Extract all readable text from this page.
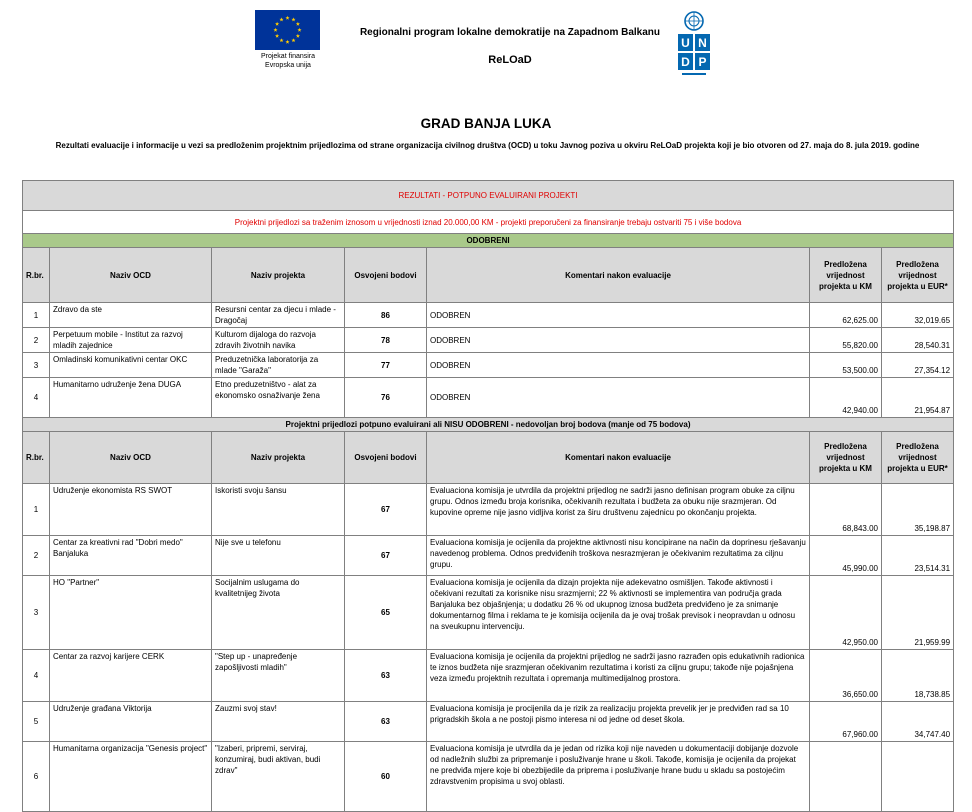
Projekat finansira
Evropska unija
Regionalni program lokalne demokratije na Zapadnom Balkanu
ReLOaD
U N
D P
GRAD BANJA LUKA
Rezultati evaluacije i informacije u vezi sa predloženim projektnim prijedlozima od strane organizacija civilnog društva (OCD) u toku Javnog poziva u okviru ReLOaD projekta koji je bio otvoren od 27. maja do 8. jula 2019. godine
REZULTATI - POTPUNO EVALUIRANI PROJEKTI						
Projektni prijedlozi sa traženim iznosom u vrijednosti iznad 20.000,00 KM - projekti preporučeni za finansiranje trebaju ostvariti 75 i više bodova						
ODOBRENI						
R.br.	Naziv OCD	Naziv projekta	Osvojeni bodovi	Komentari nakon evaluacije	Predložena vrijednost projekta u KM	Predložena vrijednost projekta u EUR*
1	Zdravo da ste	Resursni centar za djecu i mlade - Dragočaj	86	ODOBREN	62,625.00	32,019.65
2	Perpetuum mobile - Institut za razvoj mladih zajednice	Kulturom dijaloga do razvoja zdravih životnih navika	78	ODOBREN	55,820.00	28,540.31
3	Omladinski komunikativni centar OKC	Preduzetnička laboratorija za mlade "Garaža"	77	ODOBREN	53,500.00	27,354.12
4	Humanitarno udruženje žena DUGA	Etno preduzetništvo - alat za ekonomsko osnaživanje žena	76	ODOBREN	42,940.00	21,954.87
Projektni prijedlozi potpuno evaluirani ali NISU ODOBRENI - nedovoljan broj bodova (manje od 75 bodova)						
R.br.	Naziv OCD	Naziv projekta	Osvojeni bodovi	Komentari nakon evaluacije	Predložena vrijednost projekta u KM	Predložena vrijednost projekta u EUR*
1	Udruženje ekonomista RS SWOT	Iskoristi svoju šansu	67	Evaluaciona komisija je utvrdila da projektni prijedlog ne sadrži jasno definisan program obuke za ciljnu grupu. Odnos između broja korisnika, očekivanih rezultata i budžeta za obuku nije srazmjeran. Od kupovine opreme nije jasno vidljiva korist za širu društvenu zajednicu po okončanju projekta.	68,843.00	35,198.87
2	Centar za kreativni rad "Dobri medo" Banjaluka	Nije sve u telefonu	67	Evaluaciona komisija je ocijenila da projektne aktivnosti nisu koncipirane na način da doprinesu rješavanju navedenog problema. Odnos predviđenih troškova nesrazmjeran je očekivanim rezultatima za ciljnu grupu.	45,990.00	23,514.31
3	HO "Partner"	Socijalnim uslugama do kvalitetnijeg života	65	Evaluaciona komisija je ocijenila da dizajn projekta nije adekevatno osmišljen. Takođe aktivnosti i očekivani rezultati za korisnike nisu srazmjerni; 22 % aktivnosti se implementira van područja grada Banjaluka bez objašnjenja; u dodatku 26 % od ukupnog iznosa budžeta predviđeno je za snimanje dokumentarnog filma i reklama te je komisija ocijenila da je ovaj trošak previsok i neopravdan u odnosu na sveukupnu intervenciju.	42,950.00	21,959.99
4	Centar za razvoj karijere CERK	"Step up - unapređenje zapošljivosti mladih"	63	Evaluaciona komisija je ocijenila da projektni prijedlog ne sadrži jasno razrađen opis edukativnih radionica te iznos budžeta nije srazmjeran očekivanim rezultatima i koristi za ciljnu grupu; takođe nije pojašnjena veza između projektnih rezultata i opremanja multimedijalnog prostora.	36,650.00	18,738.85
5	Udruženje građana Viktorija	Zauzmi svoj stav!	63	Evaluaciona komisija je procijenila da je rizik za realizaciju projekta prevelik jer je predviđen rad sa 10 prigradskih škola a ne postoji pismo interesa ni od jedne od deset škola.	67,960.00	34,747.40
6	Humanitarna organizacija "Genesis project"	"Izaberi, pripremi, serviraj, konzumiraj, budi aktivan, budi zdrav"	60	Evaluaciona komisija je utvrdila da je jedan od rizika koji nije naveden u dokumentaciji dobijanje dozvole od nadležnih službi za pripremanje i posluživanje hrane u školi. Takođe, komisija je ocijenila da projekat ne predviđa mjere koje bi obezbijedile da priprema i posluživanje hrane budu u skladu sa postojećim zdravstvenim propisima u svoj oblasti.		
